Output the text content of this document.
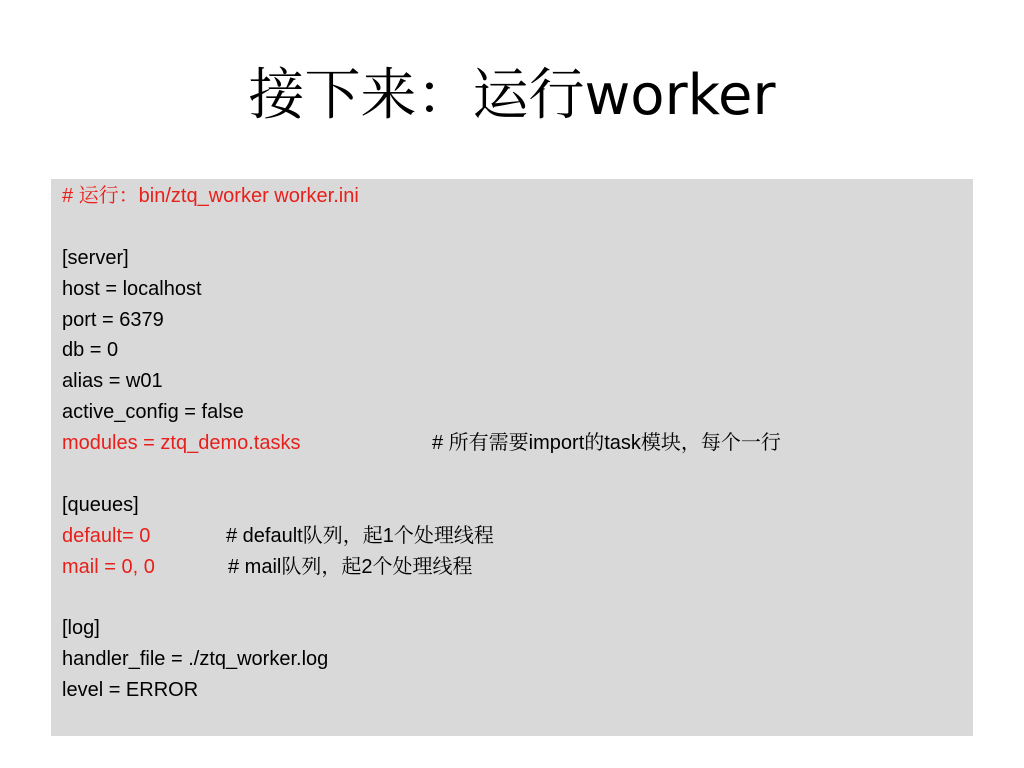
接下来：运行worker
# 运行：bin/ztq_worker worker.ini
[server]
host = localhost
port = 6379
db = 0
alias = w01
active_config = false
modules = ztq_demo.tasks	# 所有需要import的task模块，每个一行
[queues]
default= 0	# default队列，起1个处理线程
mail = 0, 0	# mail队列，起2个处理线程
[log]
handler_file = ./ztq_worker.log
level = ERROR
